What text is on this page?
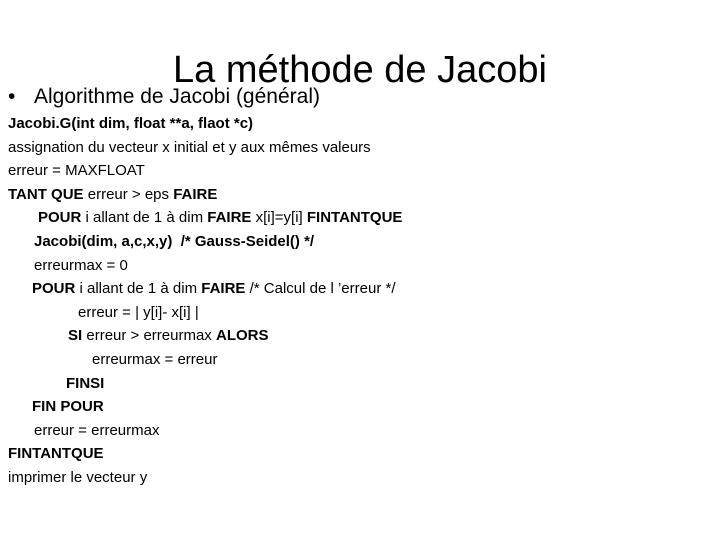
La méthode de Jacobi
• Algorithme de Jacobi (général)
Jacobi.G(int dim, float **a, flaot *c)
assignation du vecteur x initial et y aux mêmes valeurs
erreur = MAXFLOAT
TANT QUE erreur > eps FAIRE
POUR i allant de 1 à dim FAIRE x[i]=y[i] FINTANTQUE
Jacobi(dim, a,c,x,y)  /* Gauss-Seidel() */
erreurmax = 0
POUR i allant de 1 à dim FAIRE /* Calcul de l ’erreur */
erreur = | y[i]- x[i] |
SI erreur > erreurmax ALORS
erreurmax = erreur
FINSI
FIN POUR
erreur = erreurmax
FINTANTQUE
imprimer le vecteur y
